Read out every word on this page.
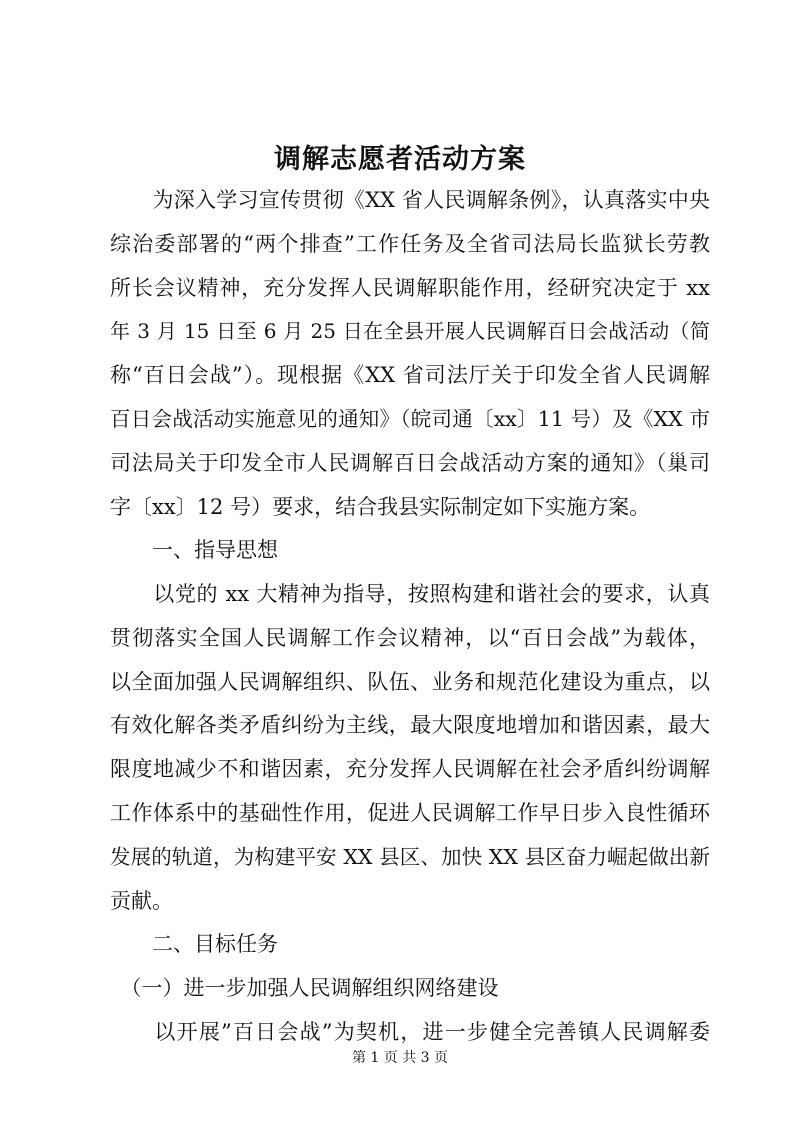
调解志愿者活动方案
　　为深入学习宣传贯彻《XX 省人民调解条例》，认真落实中央
综治委部署的“两个排查”工作任务及全省司法局长监狱长劳教
所长会议精神，充分发挥人民调解职能作用，经研究决定于 xx
年 3 月 15 日至 6 月 25 日在全县开展人民调解百日会战活动（简
称“百日会战”）。现根据《XX 省司法厅关于印发全省人民调解
百日会战活动实施意见的通知》（皖司通〔xx〕11 号）及《XX 市
司法局关于印发全市人民调解百日会战活动方案的通知》（巢司
字〔xx〕12 号）要求，结合我县实际制定如下实施方案。
　　一、指导思想
　　以党的 xx 大精神为指导，按照构建和谐社会的要求，认真
贯彻落实全国人民调解工作会议精神，以“百日会战”为载体，
以全面加强人民调解组织、队伍、业务和规范化建设为重点，以
有效化解各类矛盾纠纷为主线，最大限度地增加和谐因素，最大
限度地减少不和谐因素，充分发挥人民调解在社会矛盾纠纷调解
工作体系中的基础性作用，促进人民调解工作早日步入良性循环
发展的轨道，为构建平安 XX 县区、加快 XX 县区奋力崛起做出新
贡献。
　　二、目标任务
　（一）进一步加强人民调解组织网络建设
　　以开展”百日会战”为契机，进一步健全完善镇人民调解委
第 1 页 共 3 页
